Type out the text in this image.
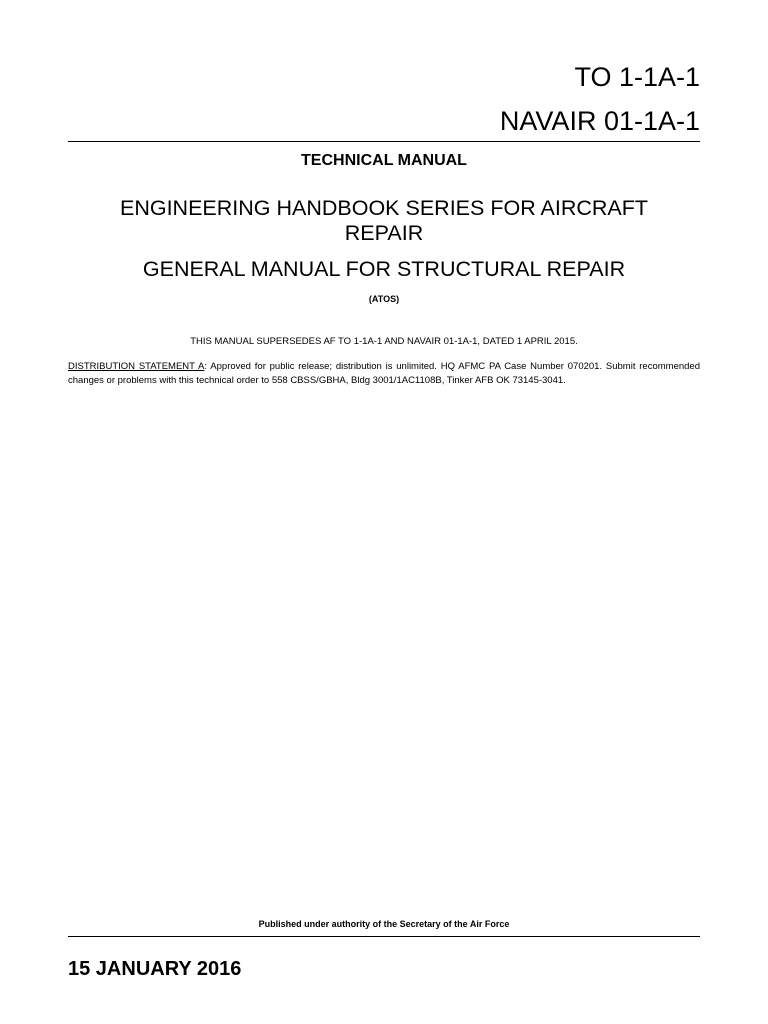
TO 1-1A-1
NAVAIR 01-1A-1
TECHNICAL MANUAL
ENGINEERING HANDBOOK SERIES FOR AIRCRAFT REPAIR
GENERAL MANUAL FOR STRUCTURAL REPAIR
(ATOS)
THIS MANUAL SUPERSEDES AF TO 1-1A-1 AND NAVAIR 01-1A-1, DATED 1 APRIL 2015.
DISTRIBUTION STATEMENT A: Approved for public release; distribution is unlimited. HQ AFMC PA Case Number 070201. Submit recommended changes or problems with this technical order to 558 CBSS/GBHA, Bldg 3001/1AC1108B, Tinker AFB OK 73145-3041.
Published under authority of the Secretary of the Air Force
15 JANUARY 2016
